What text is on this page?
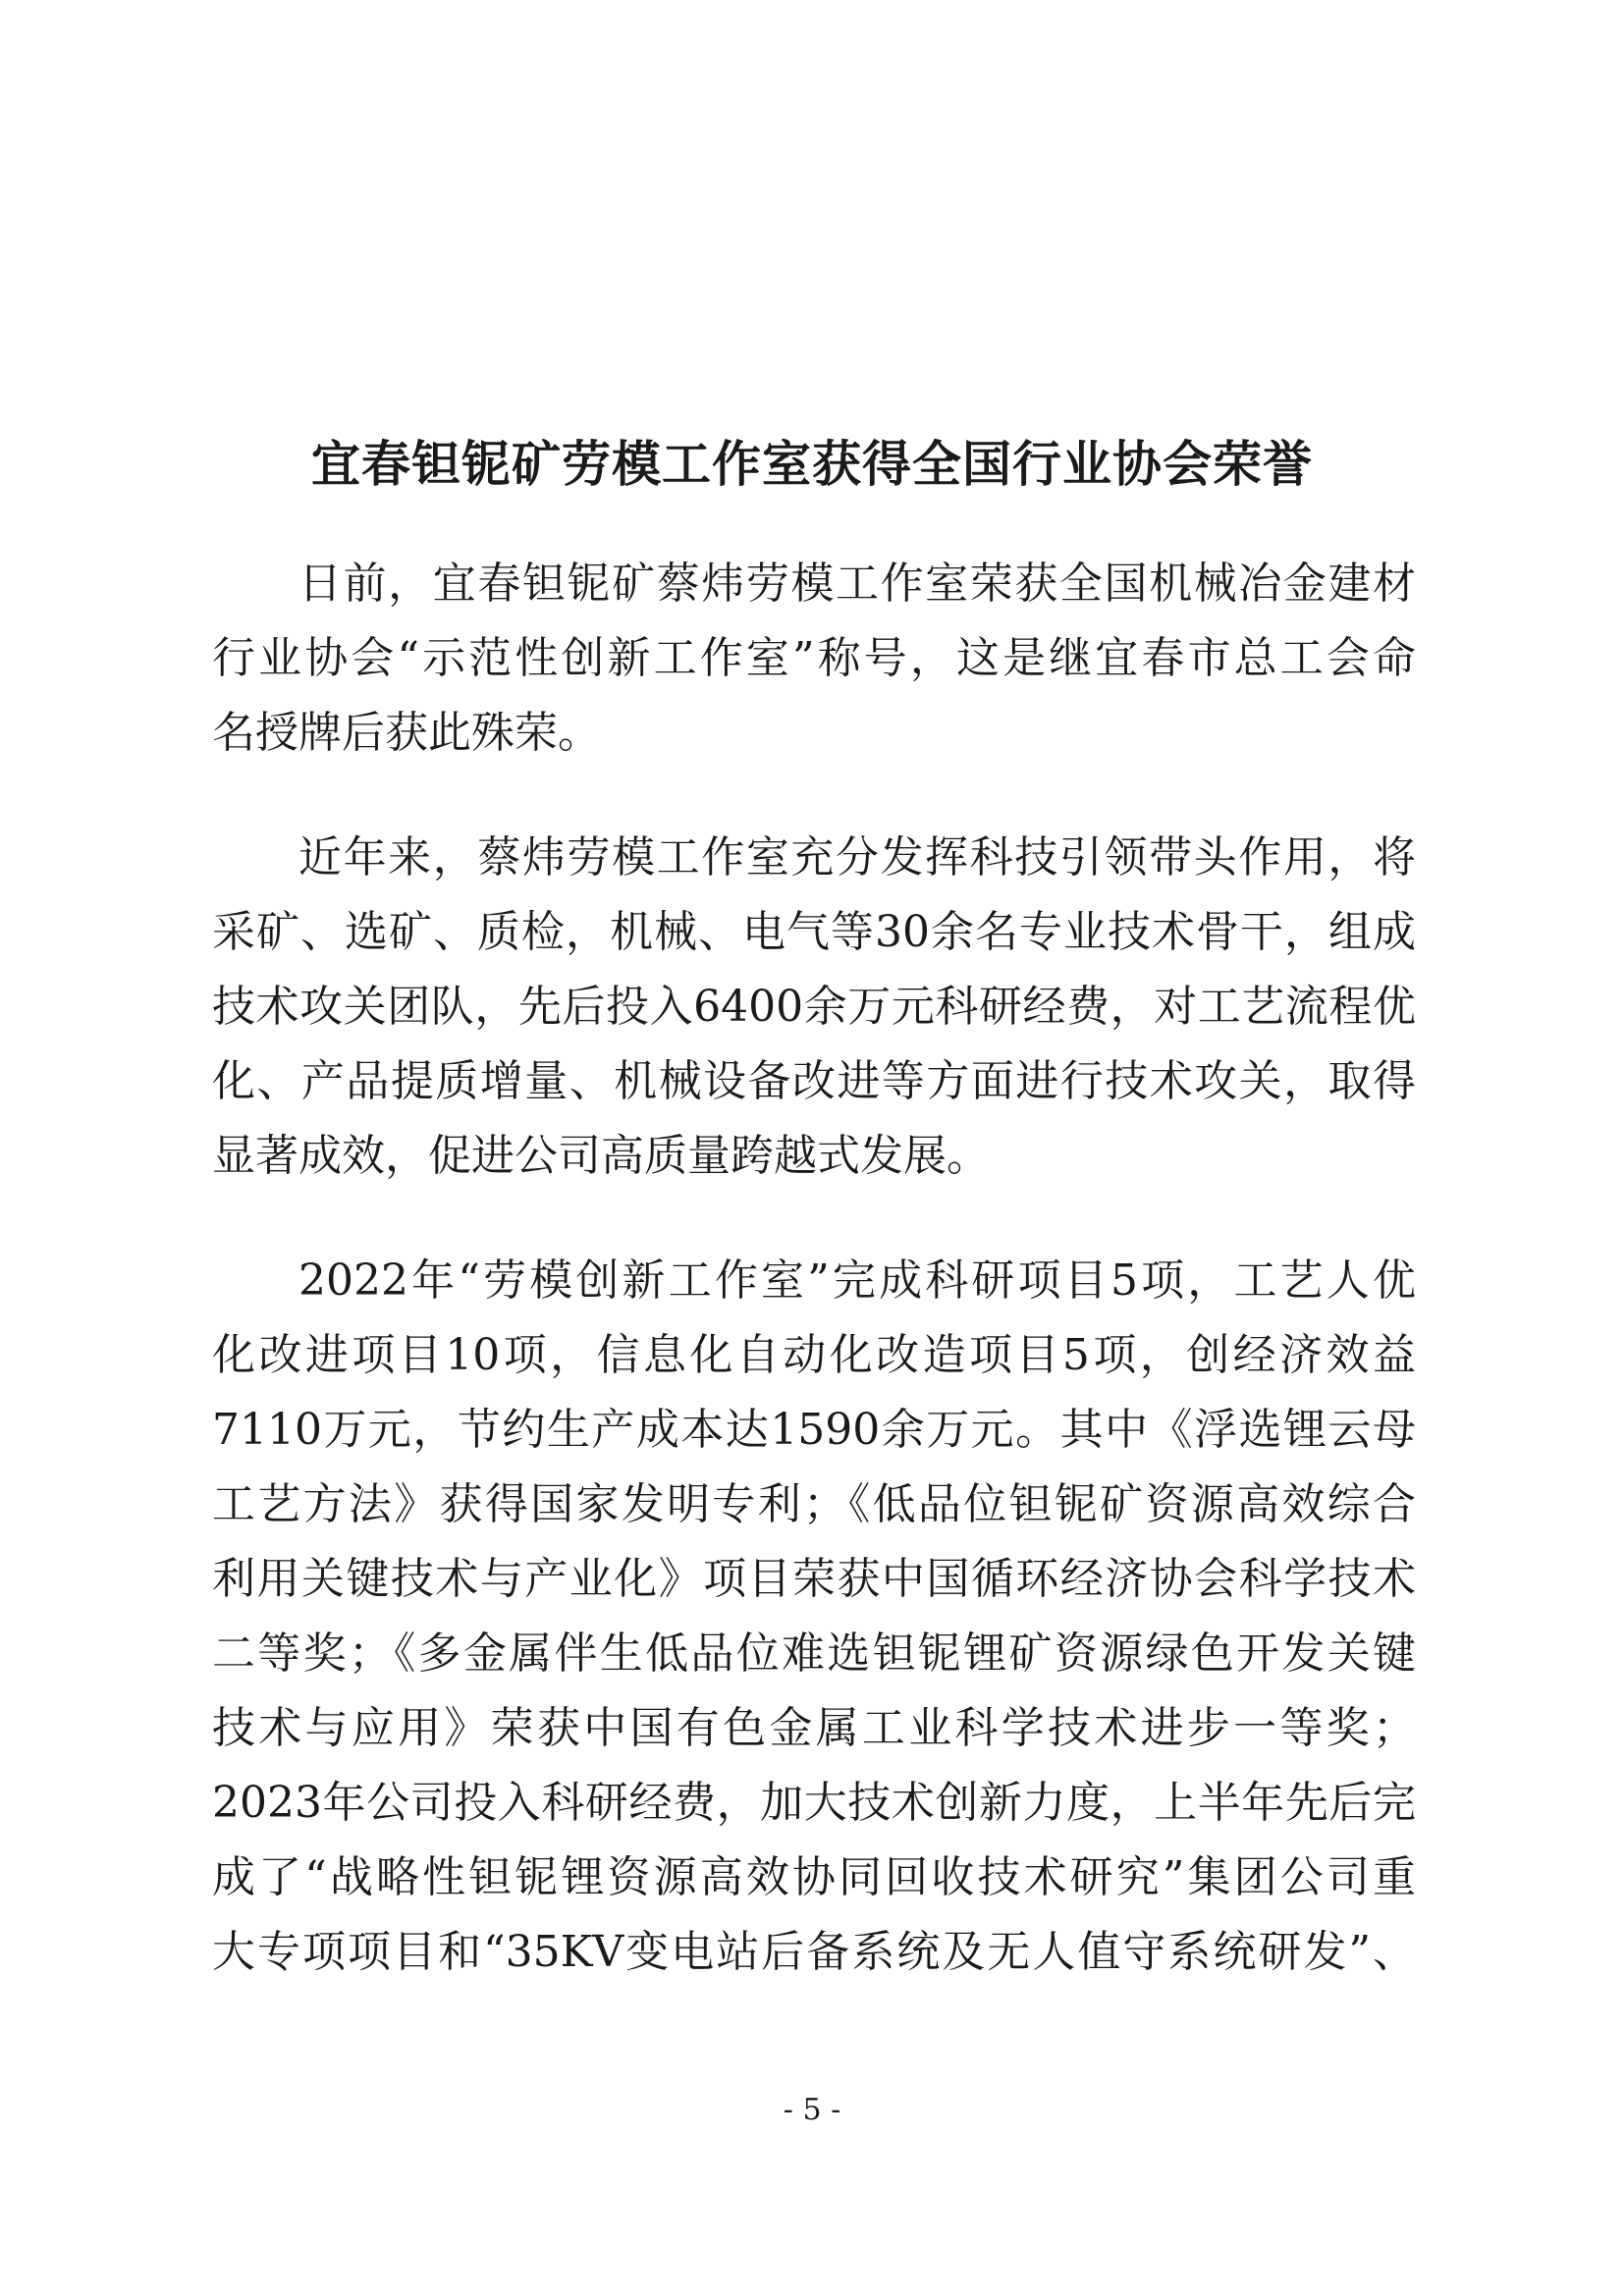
宜春钽铌矿劳模工作室获得全国行业协会荣誉

日前，宜春钽铌矿蔡炜劳模工作室荣获全国机械冶金建材

行业协会“示范性创新工作室”称号，这是继宜春市总工会命

名授牌后获此殊荣。

近年来，蔡炜劳模工作室充分发挥科技引领带头作用，将

采矿、选矿、质检，机械、电气等30余名专业技术骨干，组成

技术攻关团队，先后投入6400余万元科研经费，对工艺流程优

化、产品提质增量、机械设备改进等方面进行技术攻关，取得

显著成效，促进公司高质量跨越式发展。

2022年“劳模创新工作室”完成科研项目5项，工艺人优

化改进项目10项，信息化自动化改造项目5项，创经济效益

7110万元，节约生产成本达1590余万元。其中《浮选锂云母

工艺方法》获得国家发明专利；《低品位钽铌矿资源高效综合

利用关键技术与产业化》项目荣获中国循环经济协会科学技术

二等奖；《多金属伴生低品位难选钽铌锂矿资源绿色开发关键

技术与应用》荣获中国有色金属工业科学技术进步一等奖；

2023年公司投入科研经费，加大技术创新力度，上半年先后完

成了“战略性钽铌锂资源高效协同回收技术研究”集团公司重

大专项项目和“35KV变电站后备系统及无人值守系统研发”、

- 5 -
